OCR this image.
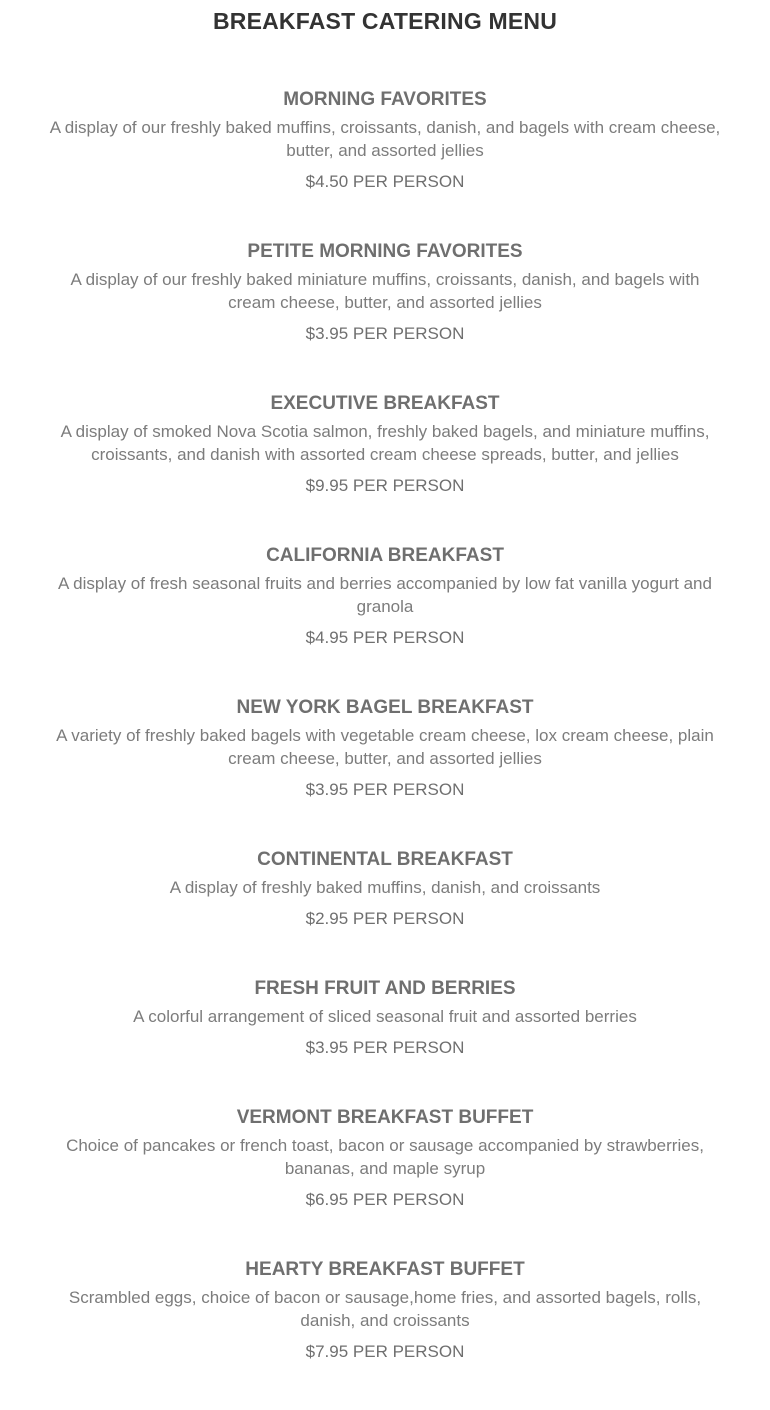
BREAKFAST CATERING MENU
MORNING FAVORITES
A display of our freshly baked muffins, croissants, danish, and bagels with cream cheese, butter, and assorted jellies
$4.50 PER PERSON
PETITE MORNING FAVORITES
A display of our freshly baked miniature muffins, croissants, danish, and bagels with cream cheese, butter, and assorted jellies
$3.95 PER PERSON
EXECUTIVE BREAKFAST
A display of smoked Nova Scotia salmon, freshly baked bagels, and miniature muffins, croissants, and danish with assorted cream cheese spreads, butter, and jellies
$9.95 PER PERSON
CALIFORNIA BREAKFAST
A display of fresh seasonal fruits and berries accompanied by low fat vanilla yogurt and granola
$4.95 PER PERSON
NEW YORK BAGEL BREAKFAST
A variety of freshly baked bagels with vegetable cream cheese, lox cream cheese, plain cream cheese, butter, and assorted jellies
$3.95 PER PERSON
CONTINENTAL BREAKFAST
A display of freshly baked muffins, danish, and croissants
$2.95 PER PERSON
FRESH FRUIT AND BERRIES
A colorful arrangement of sliced seasonal fruit and assorted berries
$3.95 PER PERSON
VERMONT BREAKFAST BUFFET
Choice of pancakes or french toast, bacon or sausage accompanied by strawberries, bananas, and maple syrup
$6.95 PER PERSON
HEARTY BREAKFAST BUFFET
Scrambled eggs, choice of bacon or sausage,home fries, and assorted bagels, rolls, danish, and croissants
$7.95 PER PERSON
